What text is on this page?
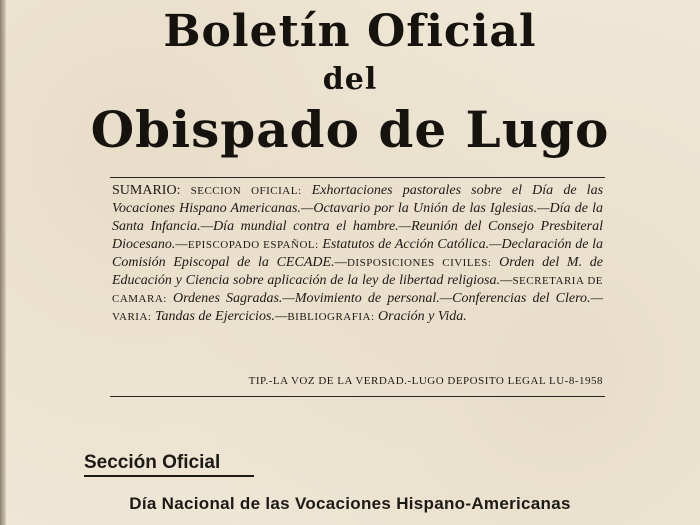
Boletín Oficial
del
Obispado de Lugo
SUMARIO: SECCION OFICIAL: Exhortaciones pastorales sobre el Día de las Vocaciones Hispano Americanas.—Octavario por la Unión de las Iglesias.—Día de la Santa Infancia.—Día mundial contra el hambre.—Reunión del Consejo Presbiteral Diocesano.—EPISCOPADO ESPAÑOL: Estatutos de Acción Católica.—Declaración de la Comisión Episcopal de la CECADE.—DISPOSICIONES CIVILES: Orden del M. de Educación y Ciencia sobre aplicación de la ley de libertad religiosa.—SECRETARIA DE CAMARA: Ordenes Sagradas.—Movimiento de personal.—Conferencias del Clero.—VARIA: Tandas de Ejercicios.—BIBLIOGRAFIA: Oración y Vida.
TIP.-LA VOZ DE LA VERDAD.-LUGO DEPOSITO LEGAL LU-8-1958
Sección Oficial
Día Nacional de las Vocaciones Hispano-Americanas
